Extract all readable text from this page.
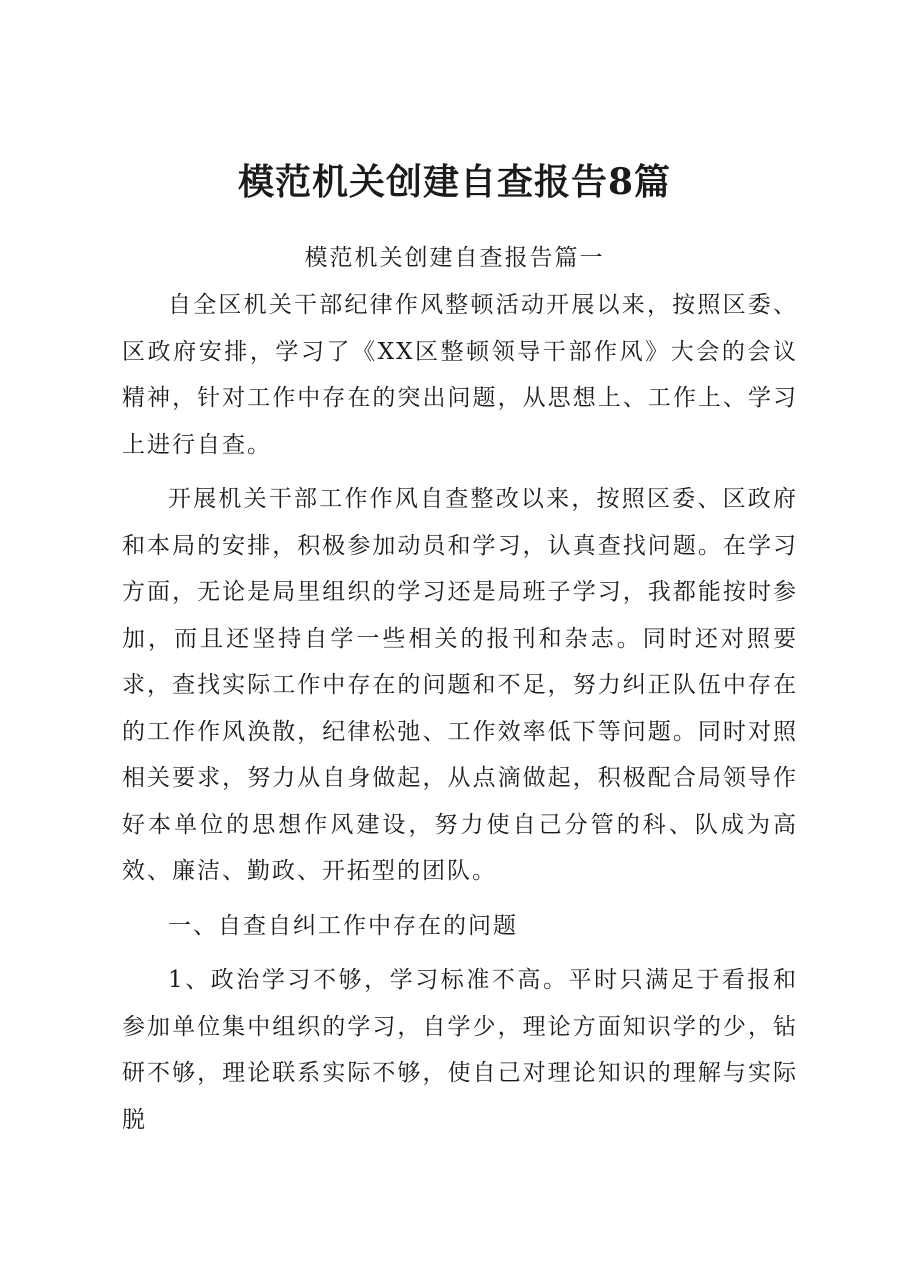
模范机关创建自查报告8篇

模范机关创建自查报告篇一

自全区机关干部纪律作风整顿活动开展以来，按照区委、区政府安排，学习了《XX区整顿领导干部作风》大会的会议精神，针对工作中存在的突出问题，从思想上、工作上、学习上进行自查。

开展机关干部工作作风自查整改以来，按照区委、区政府和本局的安排，积极参加动员和学习，认真查找问题。在学习方面，无论是局里组织的学习还是局班子学习，我都能按时参加，而且还坚持自学一些相关的报刊和杂志。同时还对照要求，查找实际工作中存在的问题和不足，努力纠正队伍中存在的工作作风涣散，纪律松弛、工作效率低下等问题。同时对照相关要求，努力从自身做起，从点滴做起，积极配合局领导作好本单位的思想作风建设，努力使自己分管的科、队成为高效、廉洁、勤政、开拓型的团队。

一、自查自纠工作中存在的问题

1、政治学习不够，学习标准不高。平时只满足于看报和参加单位集中组织的学习，自学少，理论方面知识学的少，钻研不够，理论联系实际不够，使自己对理论知识的理解与实际脱
